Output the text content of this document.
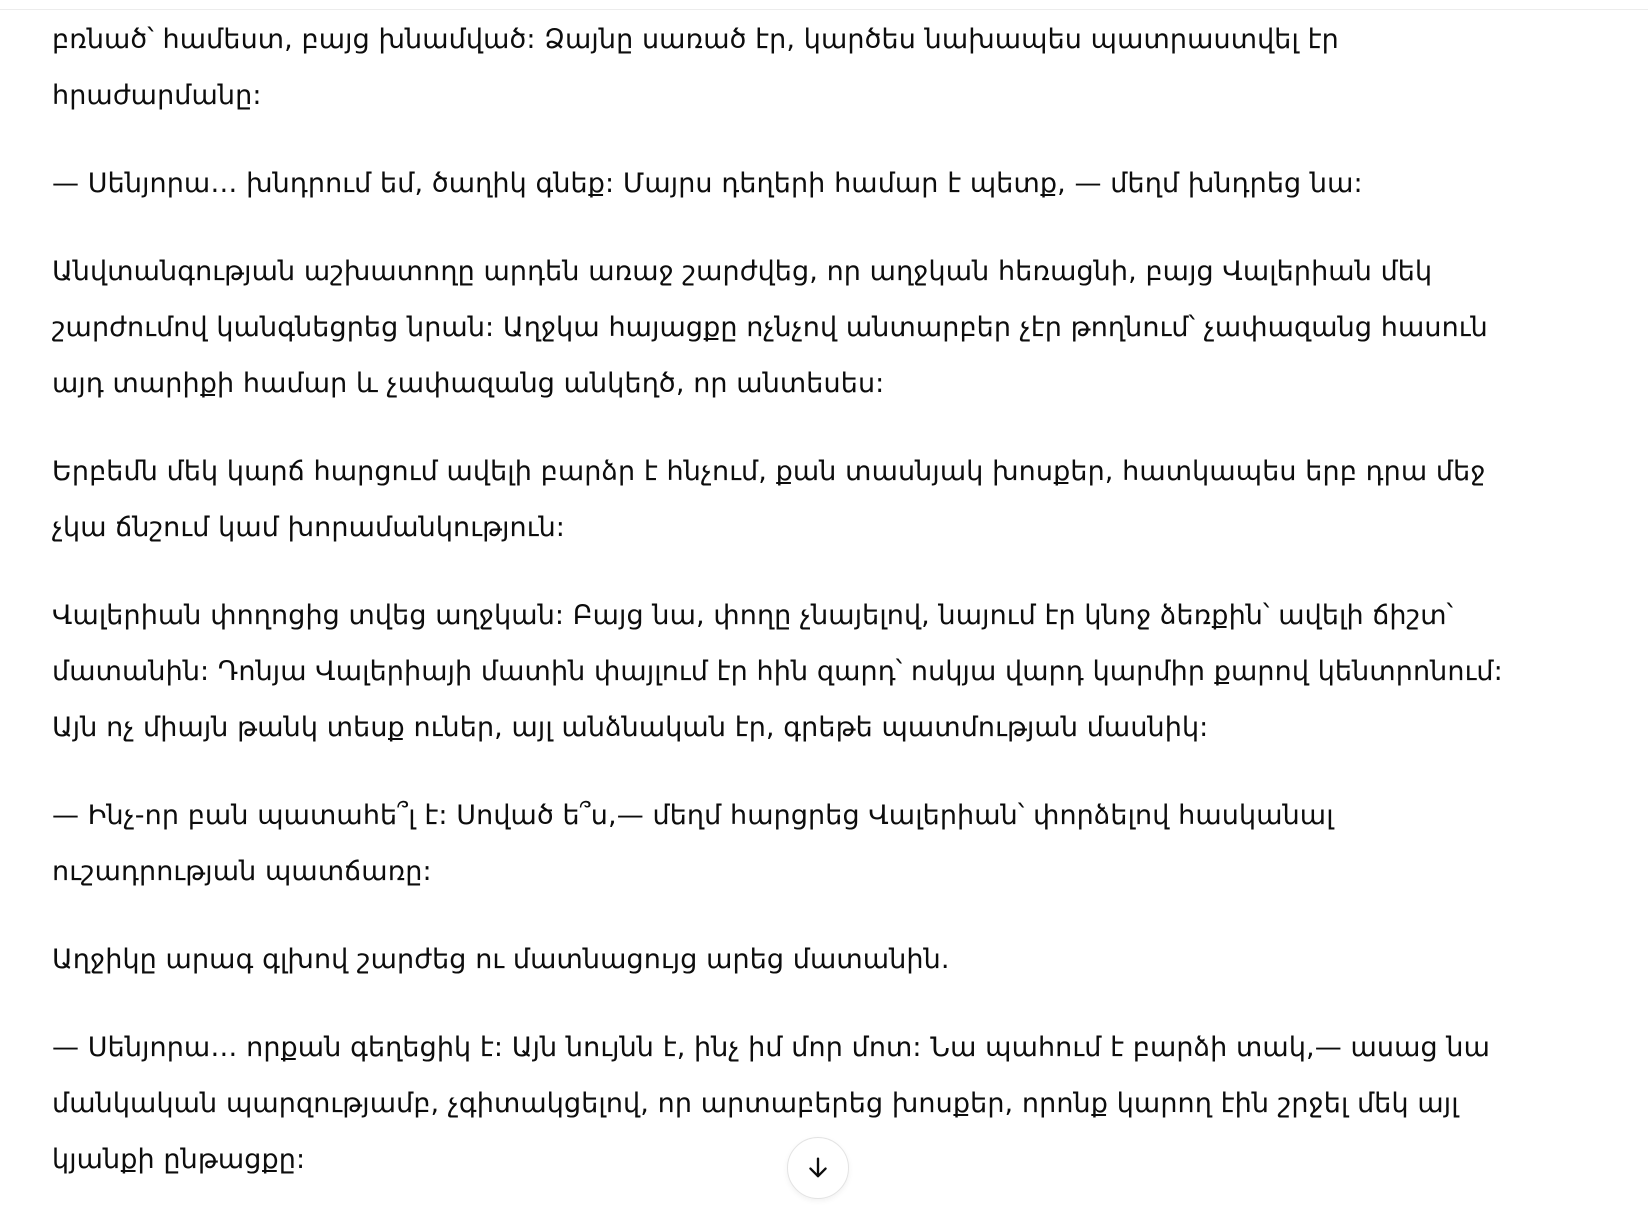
բռնած՝ համեստ, բայց խնամված: Ձայնը սառած էր, կարծես նախապես պատրաստվել էր
հրաժարմանը:

— Սենյորա… խնդրում եմ, ծաղիկ գնեք: Մայրս դեղերի համար է պետք, — մեղմ խնդրեց նա:

Անվտանգության աշխատողը արդեն առաջ շարժվեց, որ աղջկան հեռացնի, բայց Վալերիան մեկ
շարժումով կանգնեցրեց նրան: Աղջկա հայացքը ոչնչով անտարբեր չէր թողնում՝ չափազանց հասուն
այդ տարիքի համար և չափազանց անկեղծ, որ անտեսես:

Երբեմն մեկ կարճ հարցում ավելի բարձր է հնչում, քան տասնյակ խոսքեր, հատկապես երբ դրա մեջ
չկա ճնշում կամ խորամանկություն:

Վալերիան փողոցից տվեց աղջկան: Բայց նա, փողը չնայելով, նայում էր կնոջ ձեռքին՝ ավելի ճիշտ՝
մատանին: Դոնյա Վալերիայի մատին փայլում էր հին զարդ՝ ոսկյա վարդ կարմիր քարով կենտրոնում:
Այն ոչ միայն թանկ տեսք ուներ, այլ անձնական էր, գրեթե պատմության մասնիկ:

— Ինչ-որ բան պատահե՞լ է: Սոված ե՞ս,— մեղմ հարցրեց Վալերիան՝ փորձելով հասկանալ
ուշադրության պատճառը:

Աղջիկը արագ գլխով շարժեց ու մատնացույց արեց մատանին.

— Սենյորա… որքան գեղեցիկ է: Այն նույնն է, ինչ իմ մոր մոտ: Նա պահում է բարձի տակ,— ասաց նա
մանկական պարզությամբ, չգիտակցելով, որ արտաբերեց խոսքեր, որոնք կարող էին շրջել մեկ այլ
կյանքի ընթացքը:
